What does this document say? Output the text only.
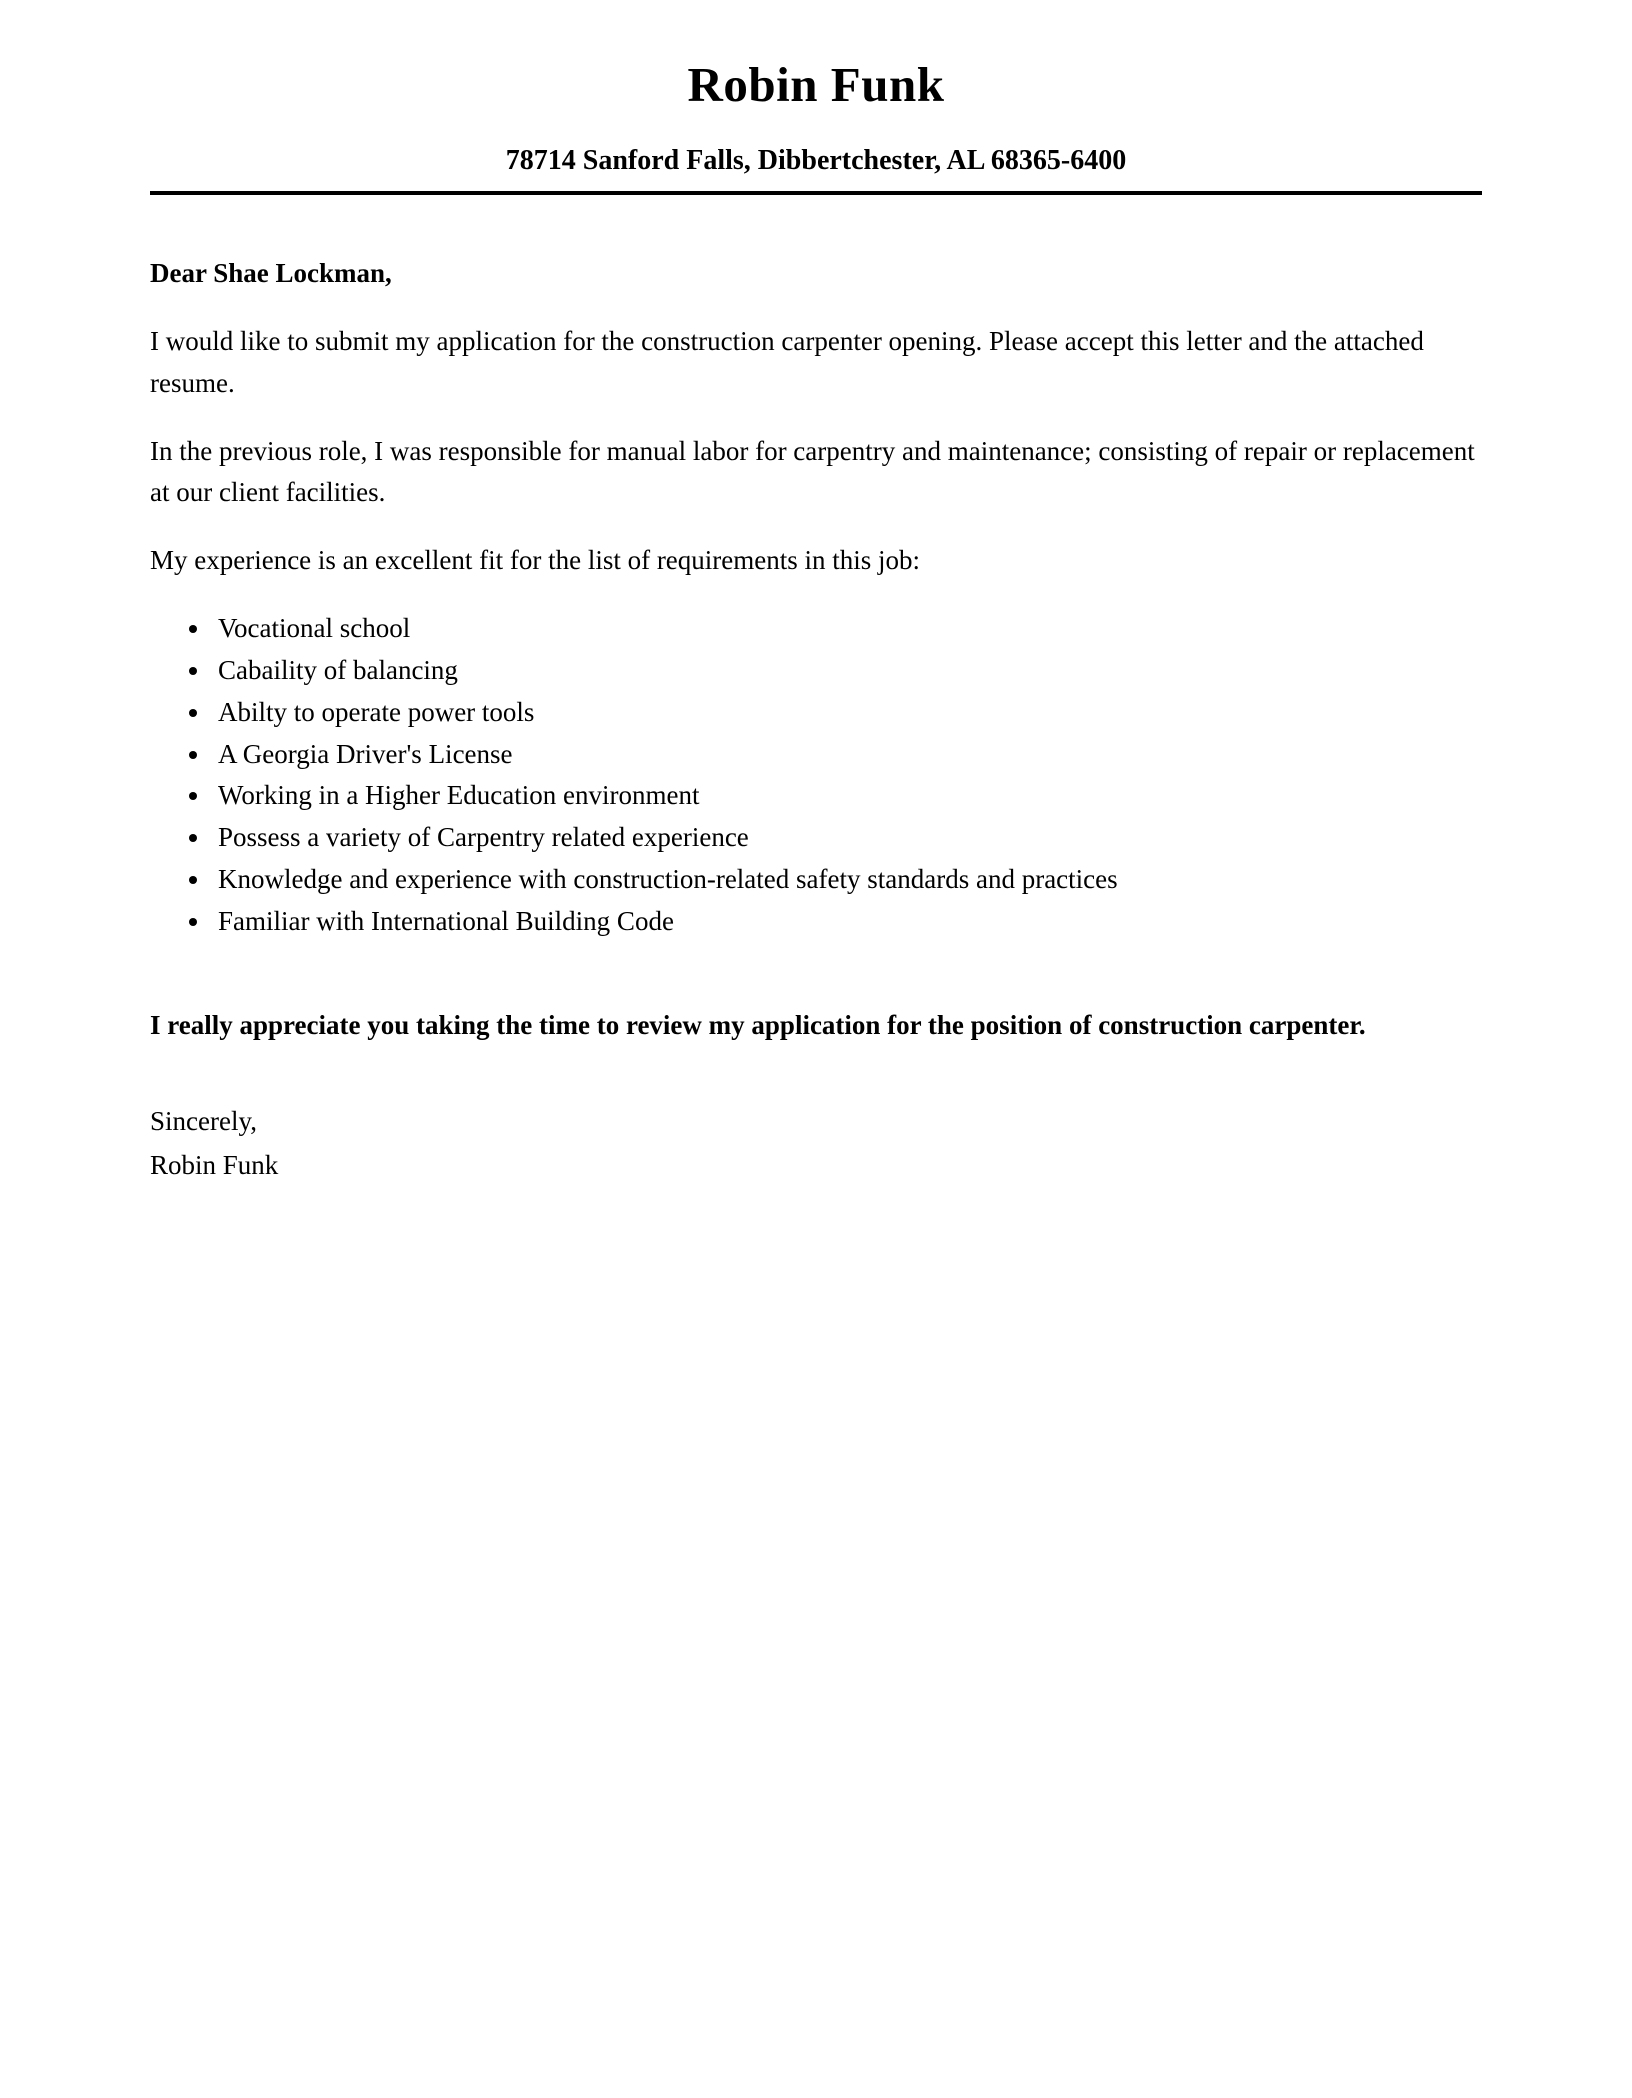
Robin Funk

78714 Sanford Falls, Dibbertchester, AL 68365-6400

Dear Shae Lockman,

I would like to submit my application for the construction carpenter opening. Please accept this letter and the attached resume.

In the previous role, I was responsible for manual labor for carpentry and maintenance; consisting of repair or replacement at our client facilities.

My experience is an excellent fit for the list of requirements in this job:

• Vocational school
• Cabaility of balancing
• Abilty to operate power tools
• A Georgia Driver's License
• Working in a Higher Education environment
• Possess a variety of Carpentry related experience
• Knowledge and experience with construction-related safety standards and practices
• Familiar with International Building Code

I really appreciate you taking the time to review my application for the position of construction carpenter.

Sincerely,

Robin Funk
